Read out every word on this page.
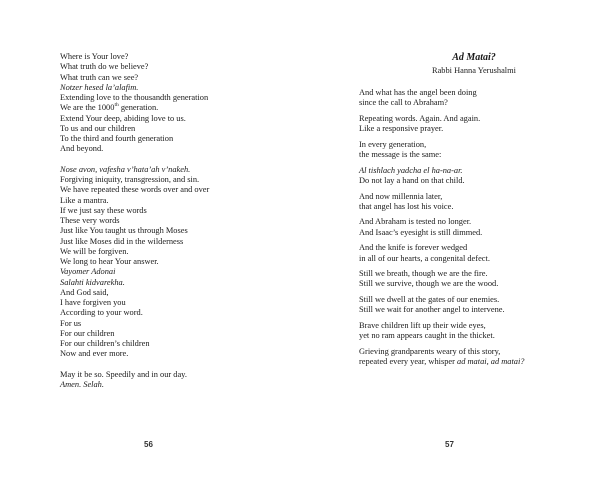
Where is Your love?
What truth do we believe?
What truth can we see?
Notzer hesed la’alafim.
Extending love to the thousandth generation
We are the 1000th generation.
Extend Your deep, abiding love to us.
To us and our children
To the third and fourth generation
And beyond.
Nose avon, vafesha v’hata’ah v’nakeh.
Forgiving iniquity, transgression, and sin.
We have repeated these words over and over
Like a mantra.
If we just say these words
These very words
Just like You taught us through Moses
Just like Moses did in the wilderness
We will be forgiven.
We long to hear Your answer.
Vayomer Adonai
Salahti kidvarekha.
And God said,
I have forgiven you
According to your word.
For us
For our children
For our children’s children
Now and ever more.
May it be so. Speedily and in our day.
Amen. Selah.
56
Ad Matai?
Rabbi Hanna Yerushalmi
And what has the angel been doing
since the call to Abraham?
Repeating words. Again. And again.
Like a responsive prayer.
In every generation,
the message is the same:
Al tishlach yadcha el ha-na-ar.
Do not lay a hand on that child.
And now millennia later,
that angel has lost his voice.
And Abraham is tested no longer.
And Isaac’s eyesight is still dimmed.
And the knife is forever wedged
in all of our hearts, a congenital defect.
Still we breath, though we are the fire.
Still we survive, though we are the wood.
Still we dwell at the gates of our enemies.
Still we wait for another angel to intervene.
Brave children lift up their wide eyes,
yet no ram appears caught in the thicket.
Grieving grandparents weary of this story,
repeated every year, whisper ad matai, ad matai?
57
